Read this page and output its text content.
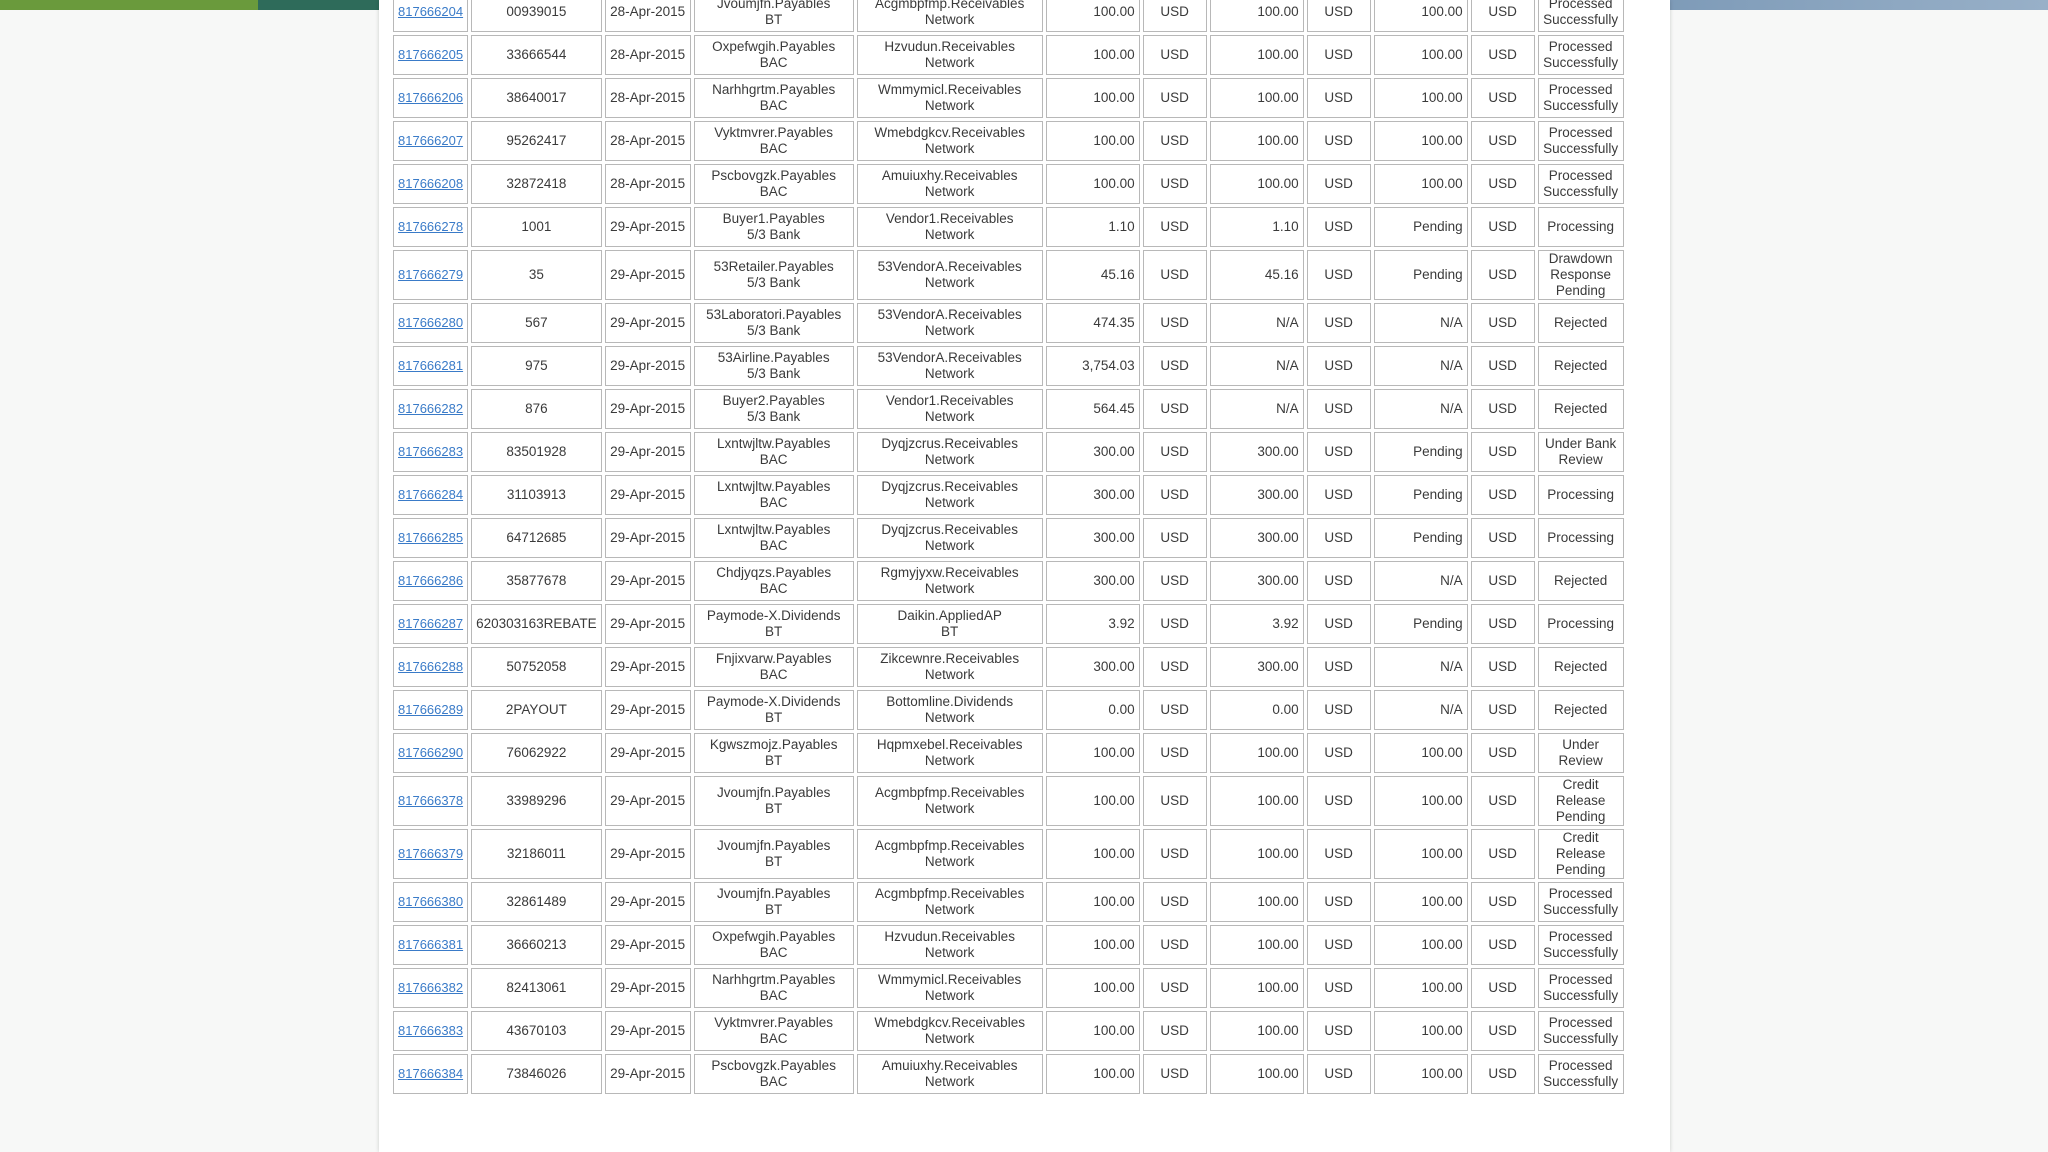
817666204	00939015	28-Apr-2015	Jvoumjfn.Payables
BT	Acgmbpfmp.Receivables
Network	100.00	USD	100.00	USD	100.00	USD	Processed
Successfully

817666205	33666544	28-Apr-2015	Oxpefwgih.Payables
BAC	Hzvudun.Receivables
Network	100.00	USD	100.00	USD	100.00	USD	Processed
Successfully

817666206	38640017	28-Apr-2015	Narhhgrtm.Payables
BAC	Wmmymicl.Receivables
Network	100.00	USD	100.00	USD	100.00	USD	Processed
Successfully

817666207	95262417	28-Apr-2015	Vyktmvrer.Payables
BAC	Wmebdgkcv.Receivables
Network	100.00	USD	100.00	USD	100.00	USD	Processed
Successfully

817666208	32872418	28-Apr-2015	Pscbovgzk.Payables
BAC	Amuiuxhy.Receivables
Network	100.00	USD	100.00	USD	100.00	USD	Processed
Successfully

817666278	1001	29-Apr-2015	Buyer1.Payables
5/3 Bank	Vendor1.Receivables
Network	1.10	USD	1.10	USD	Pending	USD	Processing

817666279	35	29-Apr-2015	53Retailer.Payables
5/3 Bank	53VendorA.Receivables
Network	45.16	USD	45.16	USD	Pending	USD	Drawdown
Response
Pending

817666280	567	29-Apr-2015	53Laboratori.Payables
5/3 Bank	53VendorA.Receivables
Network	474.35	USD	N/A	USD	N/A	USD	Rejected

817666281	975	29-Apr-2015	53Airline.Payables
5/3 Bank	53VendorA.Receivables
Network	3,754.03	USD	N/A	USD	N/A	USD	Rejected

817666282	876	29-Apr-2015	Buyer2.Payables
5/3 Bank	Vendor1.Receivables
Network	564.45	USD	N/A	USD	N/A	USD	Rejected

817666283	83501928	29-Apr-2015	Lxntwjltw.Payables
BAC	Dyqjzcrus.Receivables
Network	300.00	USD	300.00	USD	Pending	USD	Under Bank
Review

817666284	31103913	29-Apr-2015	Lxntwjltw.Payables
BAC	Dyqjzcrus.Receivables
Network	300.00	USD	300.00	USD	Pending	USD	Processing

817666285	64712685	29-Apr-2015	Lxntwjltw.Payables
BAC	Dyqjzcrus.Receivables
Network	300.00	USD	300.00	USD	Pending	USD	Processing

817666286	35877678	29-Apr-2015	Chdjyqzs.Payables
BAC	Rgmyjyxw.Receivables
Network	300.00	USD	300.00	USD	N/A	USD	Rejected

817666287	620303163REBATE	29-Apr-2015	Paymode-X.Dividends
BT	Daikin.AppliedAP
BT	3.92	USD	3.92	USD	Pending	USD	Processing

817666288	50752058	29-Apr-2015	Fnjixvarw.Payables
BAC	Zikcewnre.Receivables
Network	300.00	USD	300.00	USD	N/A	USD	Rejected

817666289	2PAYOUT	29-Apr-2015	Paymode-X.Dividends
BT	Bottomline.Dividends
Network	0.00	USD	0.00	USD	N/A	USD	Rejected

817666290	76062922	29-Apr-2015	Kgwszmojz.Payables
BT	Hqpmxebel.Receivables
Network	100.00	USD	100.00	USD	100.00	USD	Under
Review

817666378	33989296	29-Apr-2015	Jvoumjfn.Payables
BT	Acgmbpfmp.Receivables
Network	100.00	USD	100.00	USD	100.00	USD	Credit
Release
Pending

817666379	32186011	29-Apr-2015	Jvoumjfn.Payables
BT	Acgmbpfmp.Receivables
Network	100.00	USD	100.00	USD	100.00	USD	Credit
Release
Pending

817666380	32861489	29-Apr-2015	Jvoumjfn.Payables
BT	Acgmbpfmp.Receivables
Network	100.00	USD	100.00	USD	100.00	USD	Processed
Successfully

817666381	36660213	29-Apr-2015	Oxpefwgih.Payables
BAC	Hzvudun.Receivables
Network	100.00	USD	100.00	USD	100.00	USD	Processed
Successfully

817666382	82413061	29-Apr-2015	Narhhgrtm.Payables
BAC	Wmmymicl.Receivables
Network	100.00	USD	100.00	USD	100.00	USD	Processed
Successfully

817666383	43670103	29-Apr-2015	Vyktmvrer.Payables
BAC	Wmebdgkcv.Receivables
Network	100.00	USD	100.00	USD	100.00	USD	Processed
Successfully

817666384	73846026	29-Apr-2015	Pscbovgzk.Payables
BAC	Amuiuxhy.Receivables
Network	100.00	USD	100.00	USD	100.00	USD	Processed
Successfully
